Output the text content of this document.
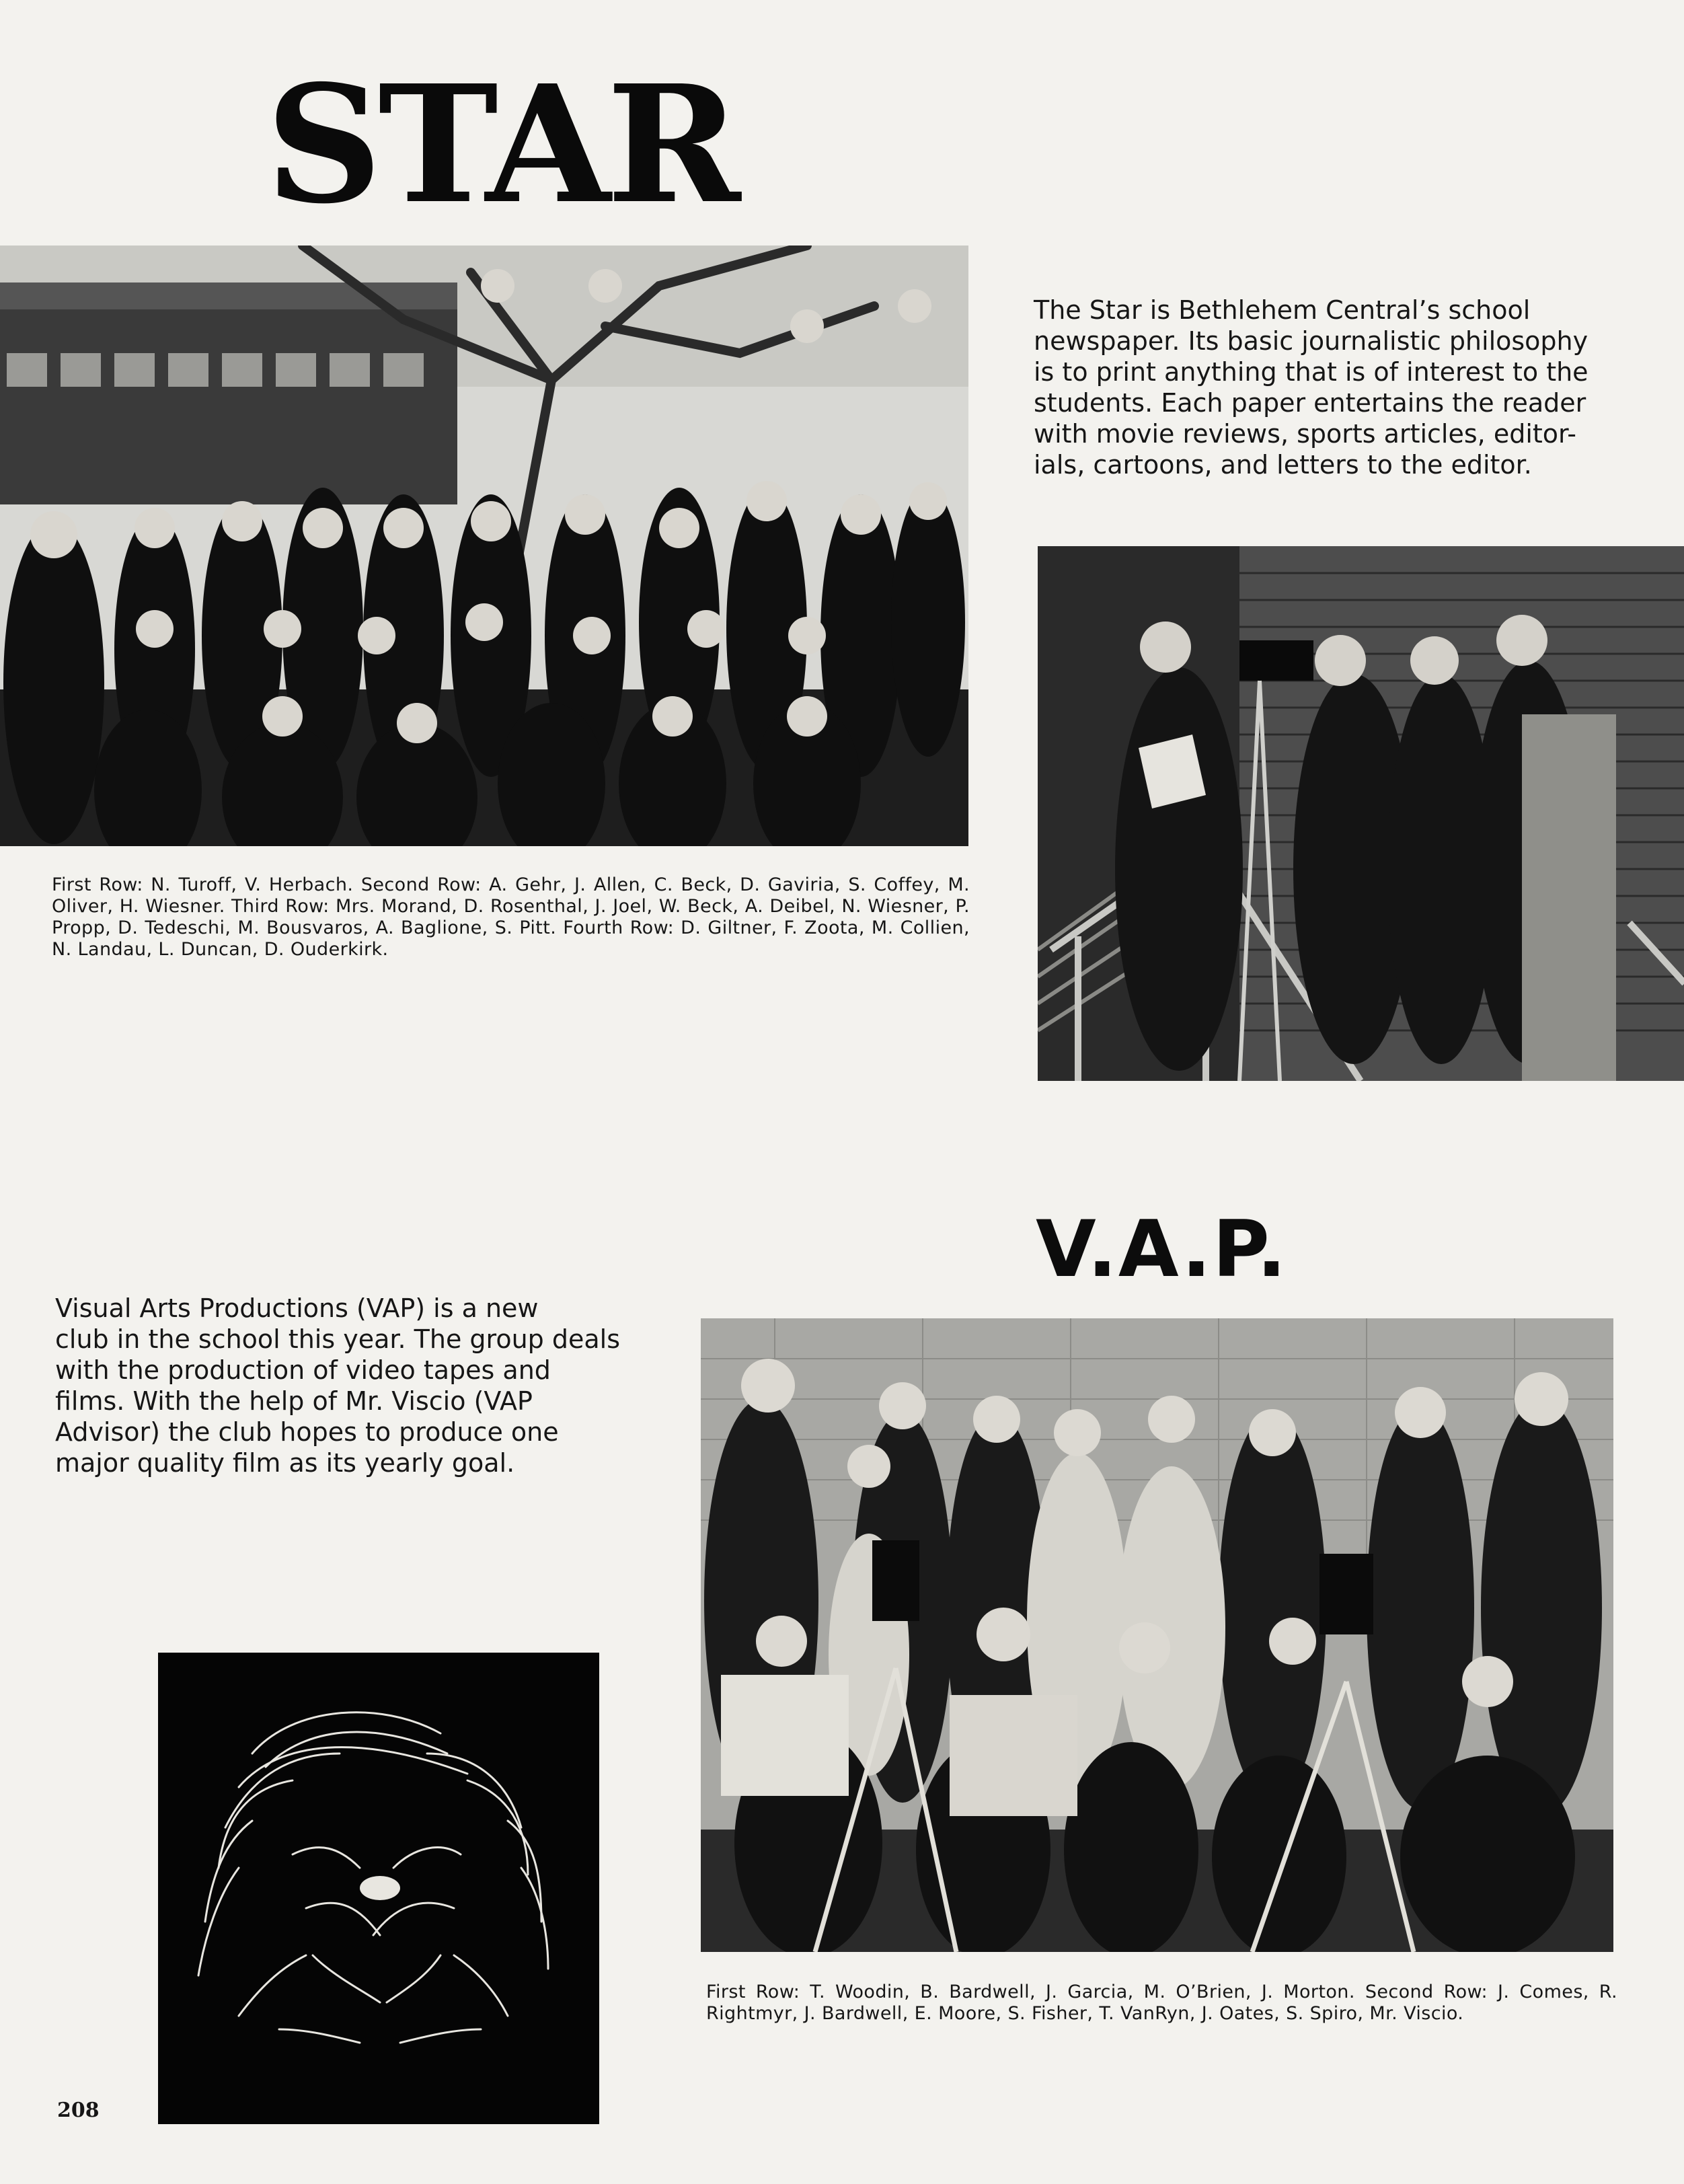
STAR
The Star is Bethlehem Central’s school
newspaper. Its basic journalistic philosophy
is to print anything that is of interest to the
students. Each paper entertains the reader
with movie reviews, sports articles, editor-
ials, cartoons, and letters to the editor.
First Row: N. Turoff, V. Herbach. Second Row: A. Gehr, J. Allen, C. Beck, D. Gaviria, S. Coffey, M. Oliver, H. Wiesner. Third Row: Mrs. Morand, D. Rosenthal, J. Joel, W. Beck, A. Deibel, N. Wiesner, P. Propp, D. Tedeschi, M. Bousvaros, A. Baglione, S. Pitt. Fourth Row: D. Giltner, F. Zoota, M. Collien, N. Landau, L. Duncan, D. Ouderkirk.
V.A.P.
Visual Arts Productions (VAP) is a new
club in the school this year. The group deals
with the production of video tapes and
films. With the help of Mr. Viscio (VAP
Advisor) the club hopes to produce one
major quality film as its yearly goal.
First Row: T. Woodin, B. Bardwell, J. Garcia, M. O’Brien, J. Morton. Second Row: J. Comes, R. Rightmyr, J. Bardwell, E. Moore, S. Fisher, T. VanRyn, J. Oates, S. Spiro, Mr. Viscio.
208
